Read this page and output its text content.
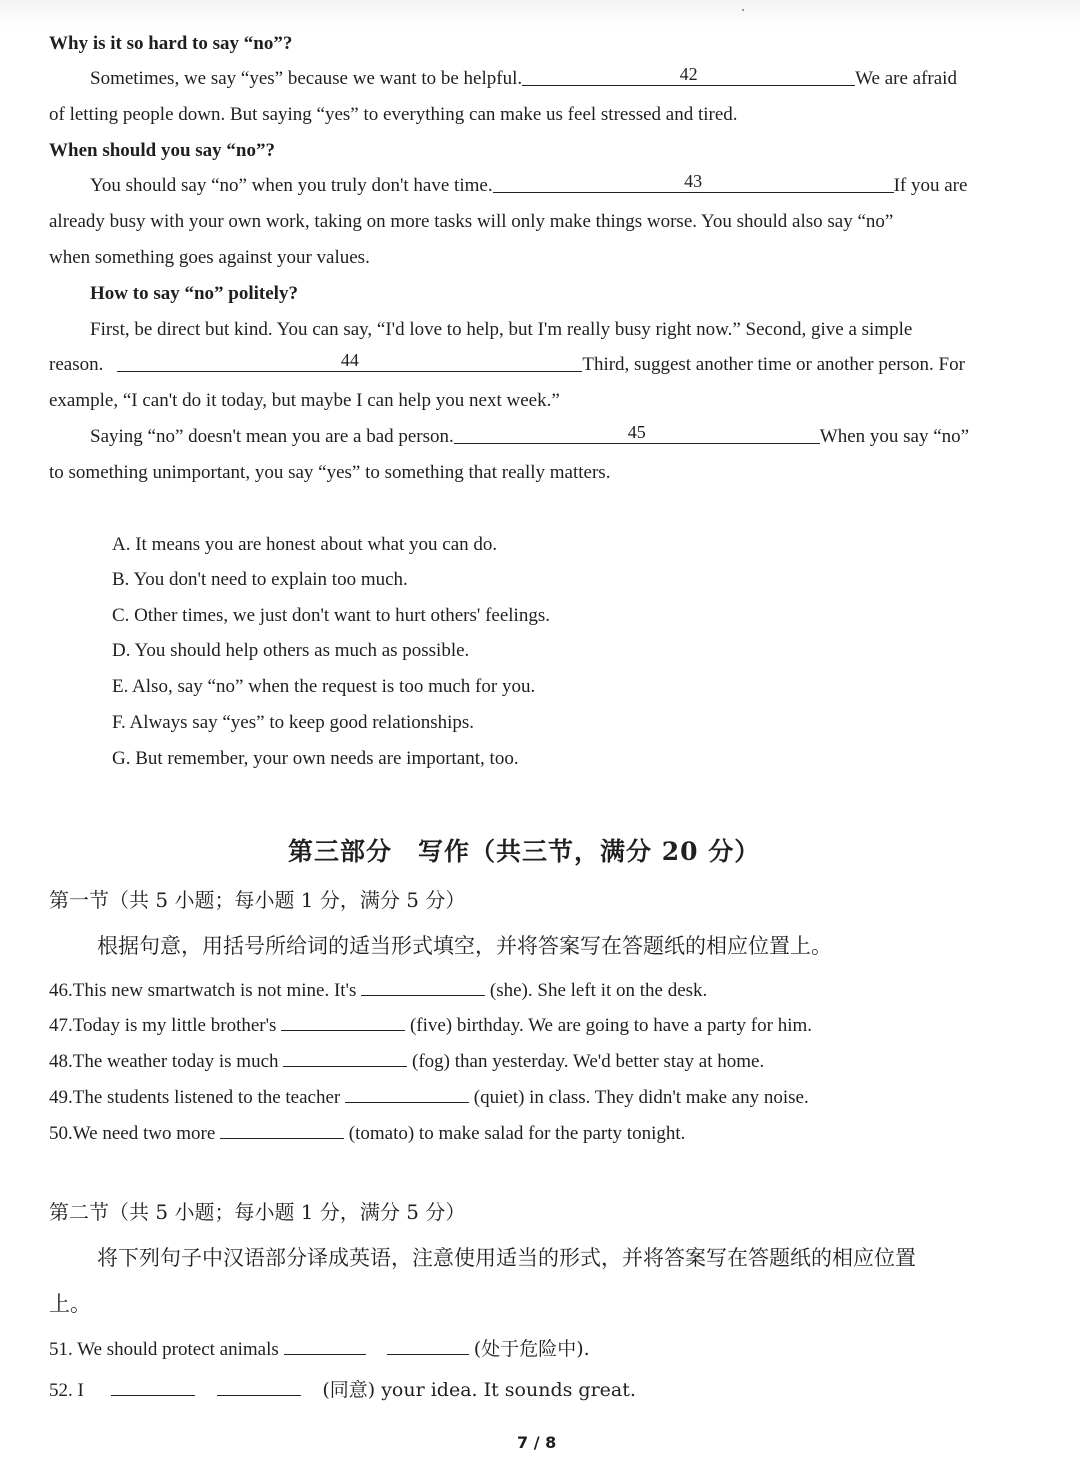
Why is it so hard to say “no”?
Sometimes, we say “yes” because we want to be helpful.	42	We are afraid
of letting people down. But saying “yes” to everything can make us feel stressed and tired.
When should you say “no”?
You should say “no” when you truly don't have time.	43	If you are
already busy with your own work, taking on more tasks will only make things worse. You should also say “no”
when something goes against your values.
How to say “no” politely?
First, be direct but kind. You can say, “I'd love to help, but I'm really busy right now.” Second, give a simple
reason.	44	Third, suggest another time or another person. For
example, “I can't do it today, but maybe I can help you next week.”
Saying “no” doesn't mean you are a bad person.	45	When you say “no”
to something unimportant, you say “yes” to something that really matters.
A. It means you are honest about what you can do.
B. You don't need to explain too much.
C. Other times, we just don't want to hurt others' feelings.
D. You should help others as much as possible.
E. Also, say “no” when the request is too much for you.
F. Always say “yes” to keep good relationships.
G. But remember, your own needs are important, too.
第三部分　写作（共三节，满分 20 分）
第一节（共 5 小题；每小题 1 分，满分 5 分）
根据句意，用括号所给词的适当形式填空，并将答案写在答题纸的相应位置上。
46.This new smartwatch is not mine. It's	(she). She left it on the desk.
47.Today is my little brother's	(five) birthday. We are going to have a party for him.
48.The weather today is much	(fog) than yesterday. We'd better stay at home.
49.The students listened to the teacher	(quiet) in class. They didn't make any noise.
50.We need two more	(tomato) to make salad for the party tonight.
第二节（共 5 小题；每小题 1 分，满分 5 分）
将下列句子中汉语部分译成英语，注意使用适当的形式，并将答案写在答题纸的相应位置
上。
51. We should protect animals	(处于危险中).
52. I	(同意) your idea. It sounds great.
7 / 8
